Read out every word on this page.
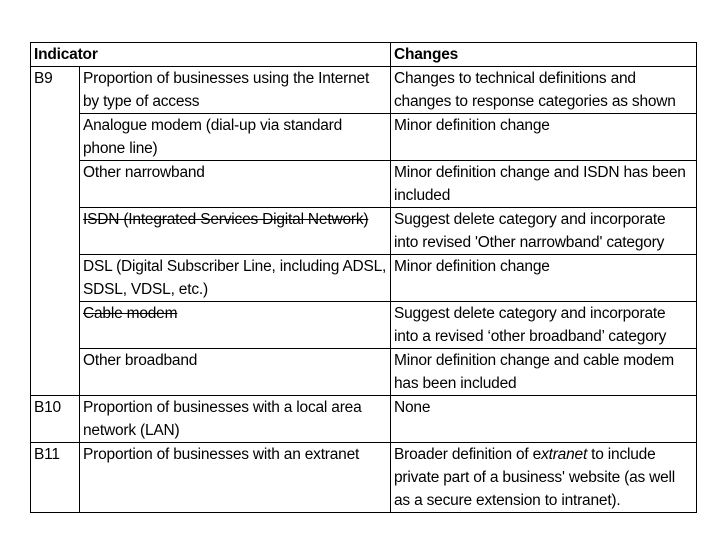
Indicator		Changes
B9	Proportion of businesses using the Internet by type of access	Changes to technical definitions and changes to response categories as shown
	Analogue modem (dial-up via standard phone line)	Minor definition change
	Other narrowband	Minor definition change and ISDN has been included
	ISDN (Integrated Services Digital Network)	Suggest delete category and incorporate into revised 'Other narrowband' category
	DSL (Digital Subscriber Line, including ADSL, SDSL, VDSL, etc.)	Minor definition change
	Cable modem	Suggest delete category and incorporate into a revised ‘other broadband’ category
	Other broadband	Minor definition change and cable modem has been included
B10	Proportion of businesses with a local area network (LAN)	None
B11	Proportion of businesses with an extranet	Broader definition of extranet to include private part of a business' website (as well as a secure extension to intranet).
